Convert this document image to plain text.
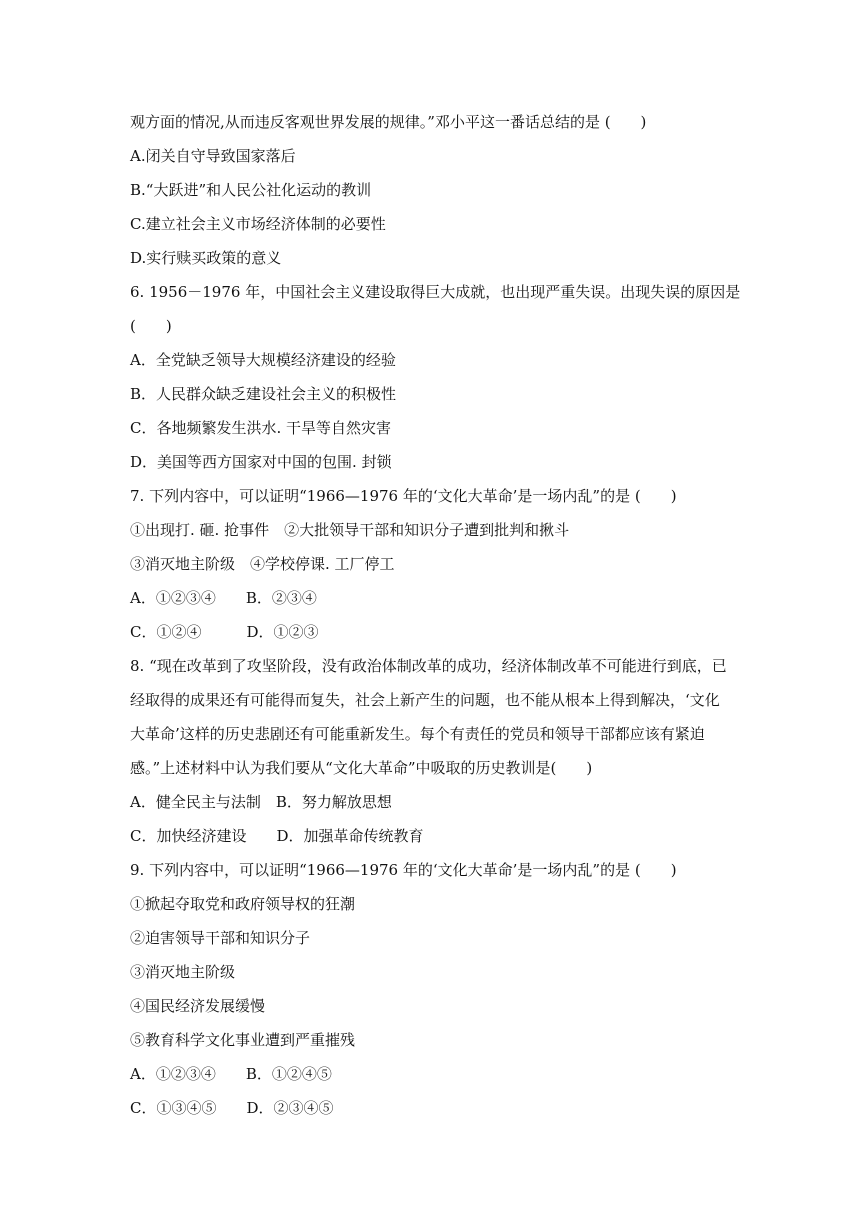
观方面的情况,从而违反客观世界发展的规律。”邓小平这一番话总结的是 (　　)
A.闭关自守导致国家落后
B.“大跃进”和人民公社化运动的教训
C.建立社会主义市场经济体制的必要性
D.实行赎买政策的意义
6. 1956－1976 年，中国社会主义建设取得巨大成就，也出现严重失误。出现失误的原因是
(　　)
A．全党缺乏领导大规模经济建设的经验
B．人民群众缺乏建设社会主义的积极性
C．各地频繁发生洪水. 干旱等自然灾害
D．美国等西方国家对中国的包围. 封锁
7. 下列内容中，可以证明“1966—1976 年的‘文化大革命’是一场内乱”的是 (　　)
①出现打. 砸. 抢事件　②大批领导干部和知识分子遭到批判和揪斗
③消灭地主阶级　④学校停课. 工厂停工
A．①②③④　　B．②③④
C．①②④　　　D．①②③
8. “现在改革到了攻坚阶段，没有政治体制改革的成功，经济体制改革不可能进行到底，已
经取得的成果还有可能得而复失，社会上新产生的问题，也不能从根本上得到解决，‘文化
大革命’这样的历史悲剧还有可能重新发生。每个有责任的党员和领导干部都应该有紧迫
感。”上述材料中认为我们要从“文化大革命”中吸取的历史教训是(　　)
A．健全民主与法制　B．努力解放思想
C．加快经济建设　　D．加强革命传统教育
9. 下列内容中，可以证明“1966—1976 年的‘文化大革命’是一场内乱”的是 (　　)
①掀起夺取党和政府领导权的狂潮
②迫害领导干部和知识分子
③消灭地主阶级
④国民经济发展缓慢
⑤教育科学文化事业遭到严重摧残
A．①②③④　　B．①②④⑤
C．①③④⑤　　D．②③④⑤
